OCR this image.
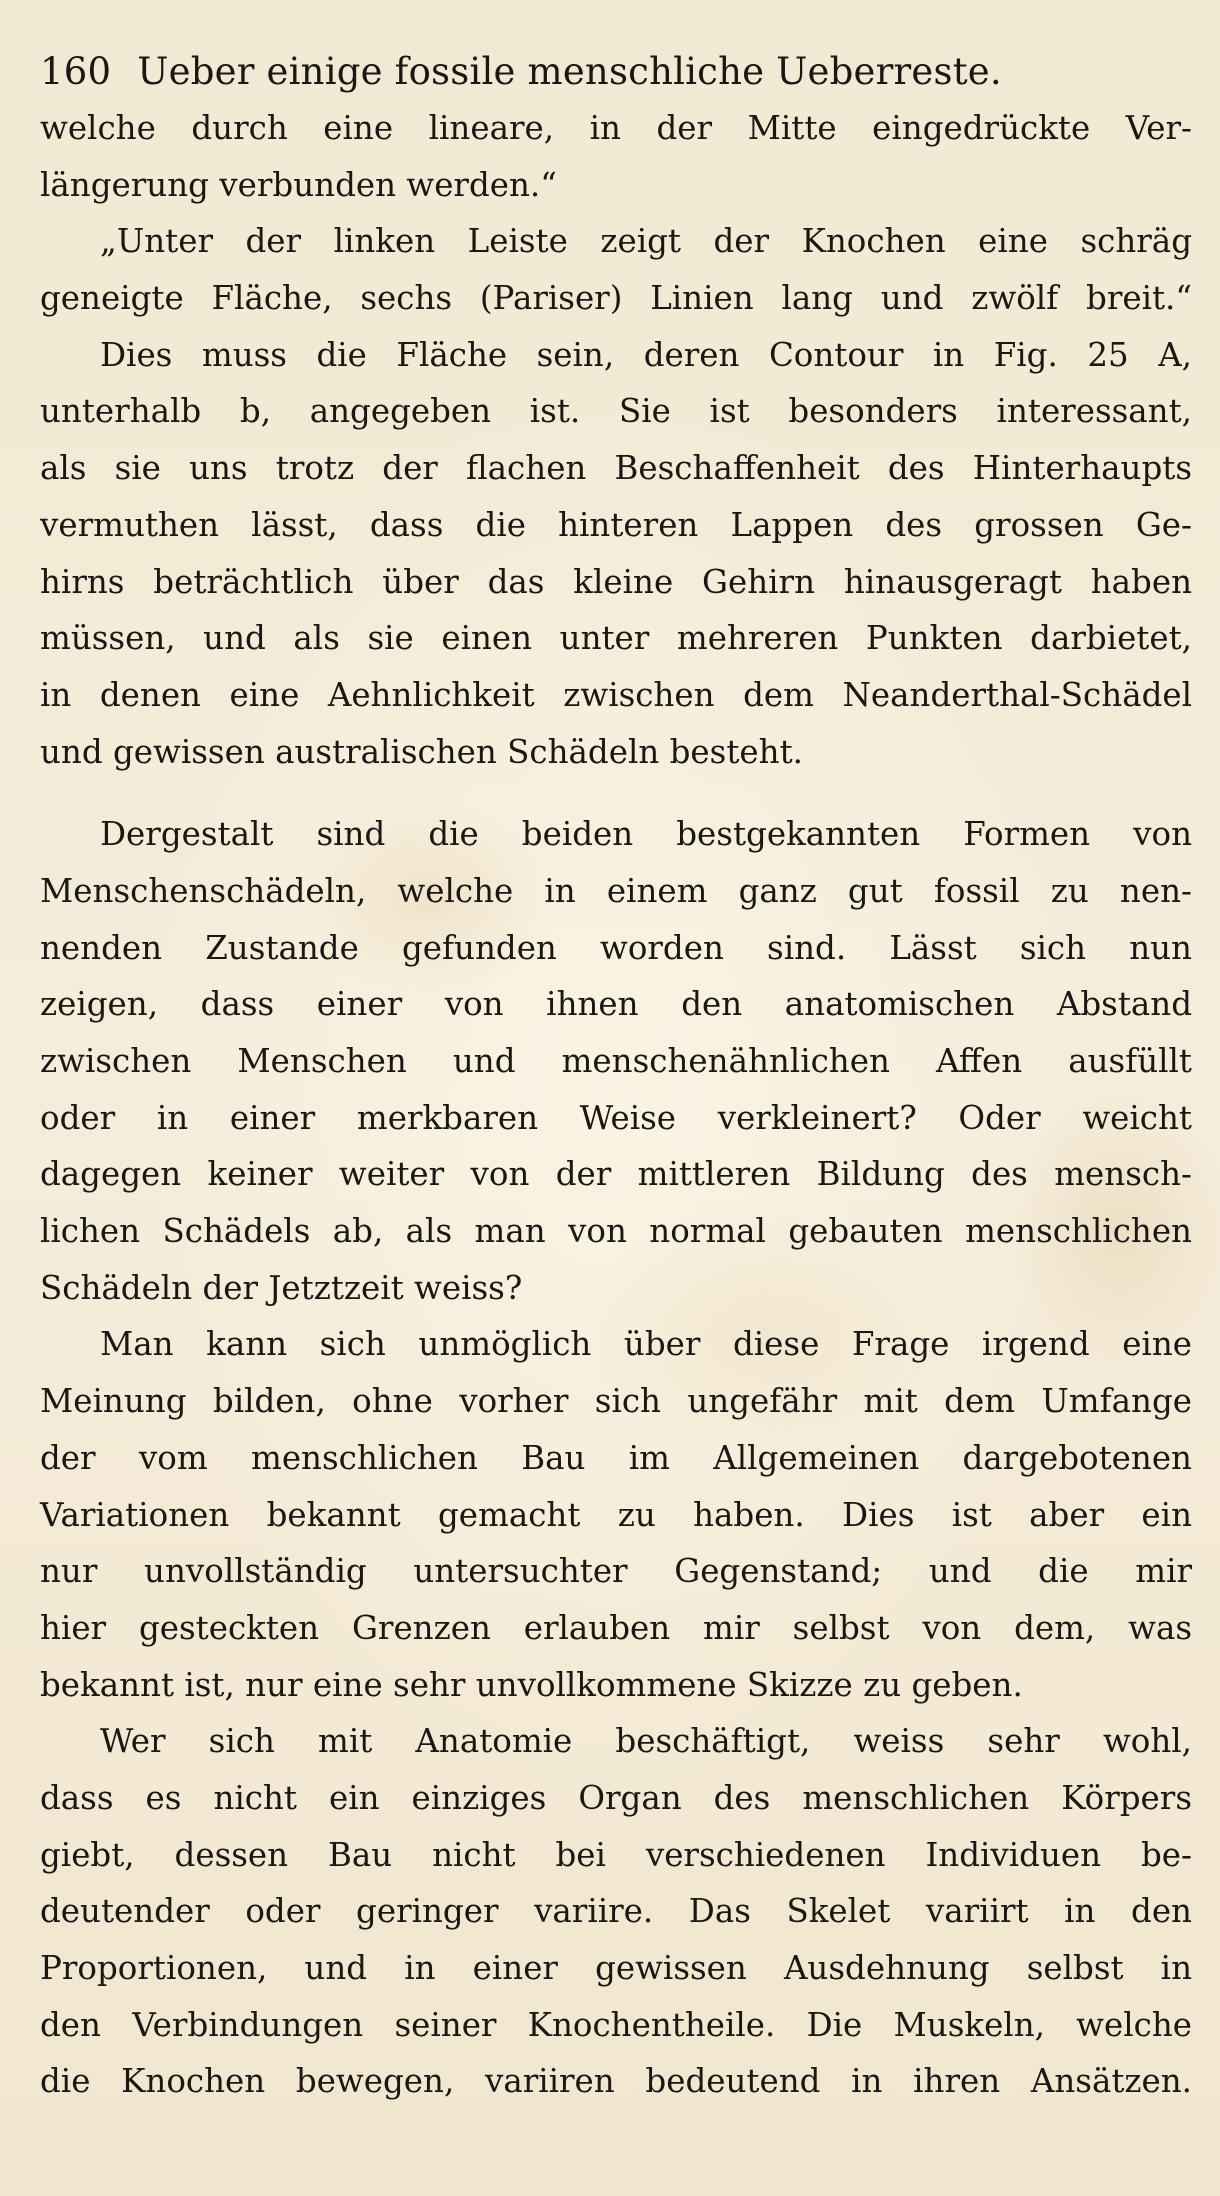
160 Ueber einige fossile menschliche Ueberreste.
welche durch eine lineare, in der Mitte eingedrückte Ver-
längerung verbunden werden.“
„Unter der linken Leiste zeigt der Knochen eine schräg
geneigte Fläche, sechs (Pariser) Linien lang und zwölf breit.“
Dies muss die Fläche sein, deren Contour in Fig. 25 A,
unterhalb b, angegeben ist. Sie ist besonders interessant,
als sie uns trotz der flachen Beschaffenheit des Hinterhaupts
vermuthen lässt, dass die hinteren Lappen des grossen Ge-
hirns beträchtlich über das kleine Gehirn hinausgeragt haben
müssen, und als sie einen unter mehreren Punkten darbietet,
in denen eine Aehnlichkeit zwischen dem Neanderthal-Schädel
und gewissen australischen Schädeln besteht.
Dergestalt sind die beiden bestgekannten Formen von
Menschenschädeln, welche in einem ganz gut fossil zu nen-
nenden Zustande gefunden worden sind. Lässt sich nun
zeigen, dass einer von ihnen den anatomischen Abstand
zwischen Menschen und menschenähnlichen Affen ausfüllt
oder in einer merkbaren Weise verkleinert? Oder weicht
dagegen keiner weiter von der mittleren Bildung des mensch-
lichen Schädels ab, als man von normal gebauten menschlichen
Schädeln der Jetztzeit weiss?
Man kann sich unmöglich über diese Frage irgend eine
Meinung bilden, ohne vorher sich ungefähr mit dem Umfange
der vom menschlichen Bau im Allgemeinen dargebotenen
Variationen bekannt gemacht zu haben. Dies ist aber ein
nur unvollständig untersuchter Gegenstand; und die mir
hier gesteckten Grenzen erlauben mir selbst von dem, was
bekannt ist, nur eine sehr unvollkommene Skizze zu geben.
Wer sich mit Anatomie beschäftigt, weiss sehr wohl,
dass es nicht ein einziges Organ des menschlichen Körpers
giebt, dessen Bau nicht bei verschiedenen Individuen be-
deutender oder geringer variire. Das Skelet variirt in den
Proportionen, und in einer gewissen Ausdehnung selbst in
den Verbindungen seiner Knochentheile. Die Muskeln, welche
die Knochen bewegen, variiren bedeutend in ihren Ansätzen.
